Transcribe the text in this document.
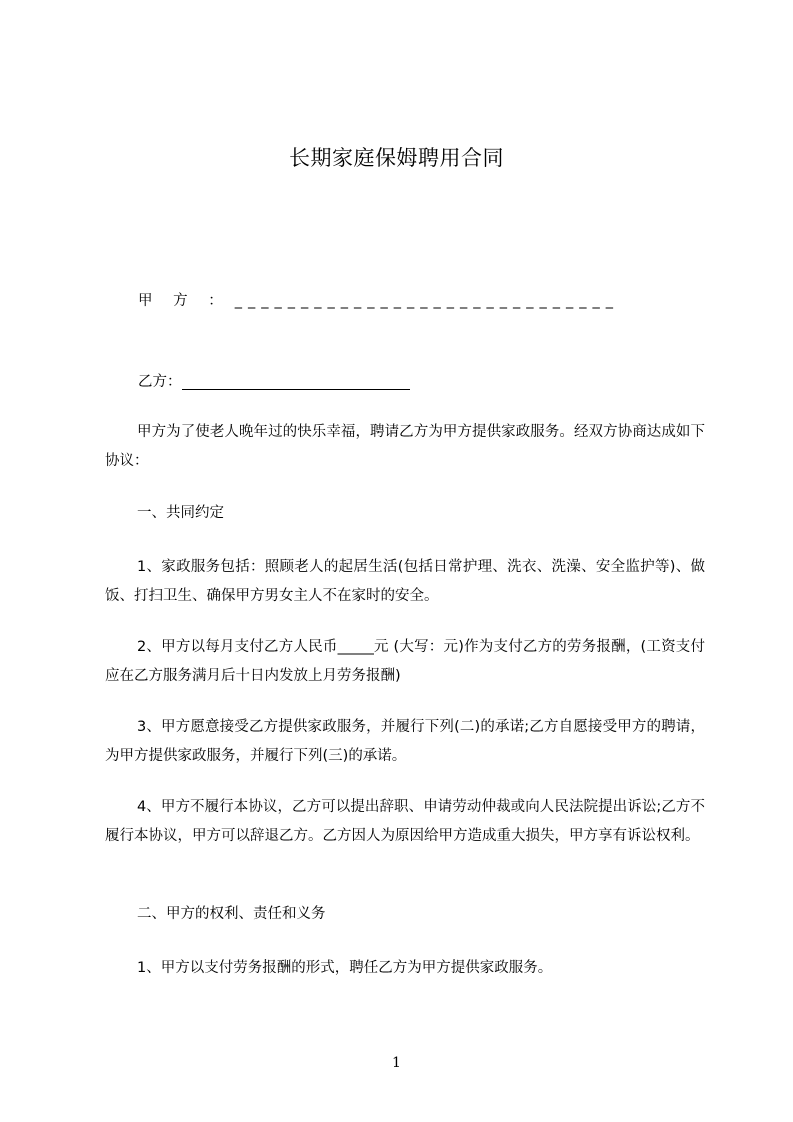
长期家庭保姆聘用合同
甲 方 ： _____________________________
乙方：
甲方为了使老人晚年过的快乐幸福，聘请乙方为甲方提供家政服务。经双方协商达成如下协议：
一、共同约定
1、家政服务包括：照顾老人的起居生活(包括日常护理、洗衣、洗澡、安全监护等)、做饭、打扫卫生、确保甲方男女主人不在家时的安全。
2、甲方以每月支付乙方人民币_____元 (大写：元)作为支付乙方的劳务报酬，(工资支付应在乙方服务满月后十日内发放上月劳务报酬)
3、甲方愿意接受乙方提供家政服务，并履行下列(二)的承诺;乙方自愿接受甲方的聘请，为甲方提供家政服务，并履行下列(三)的承诺。
4、甲方不履行本协议，乙方可以提出辞职、申请劳动仲裁或向人民法院提出诉讼;乙方不履行本协议，甲方可以辞退乙方。乙方因人为原因给甲方造成重大损失，甲方享有诉讼权利。
二、甲方的权利、责任和义务
1、甲方以支付劳务报酬的形式，聘任乙方为甲方提供家政服务。
1
